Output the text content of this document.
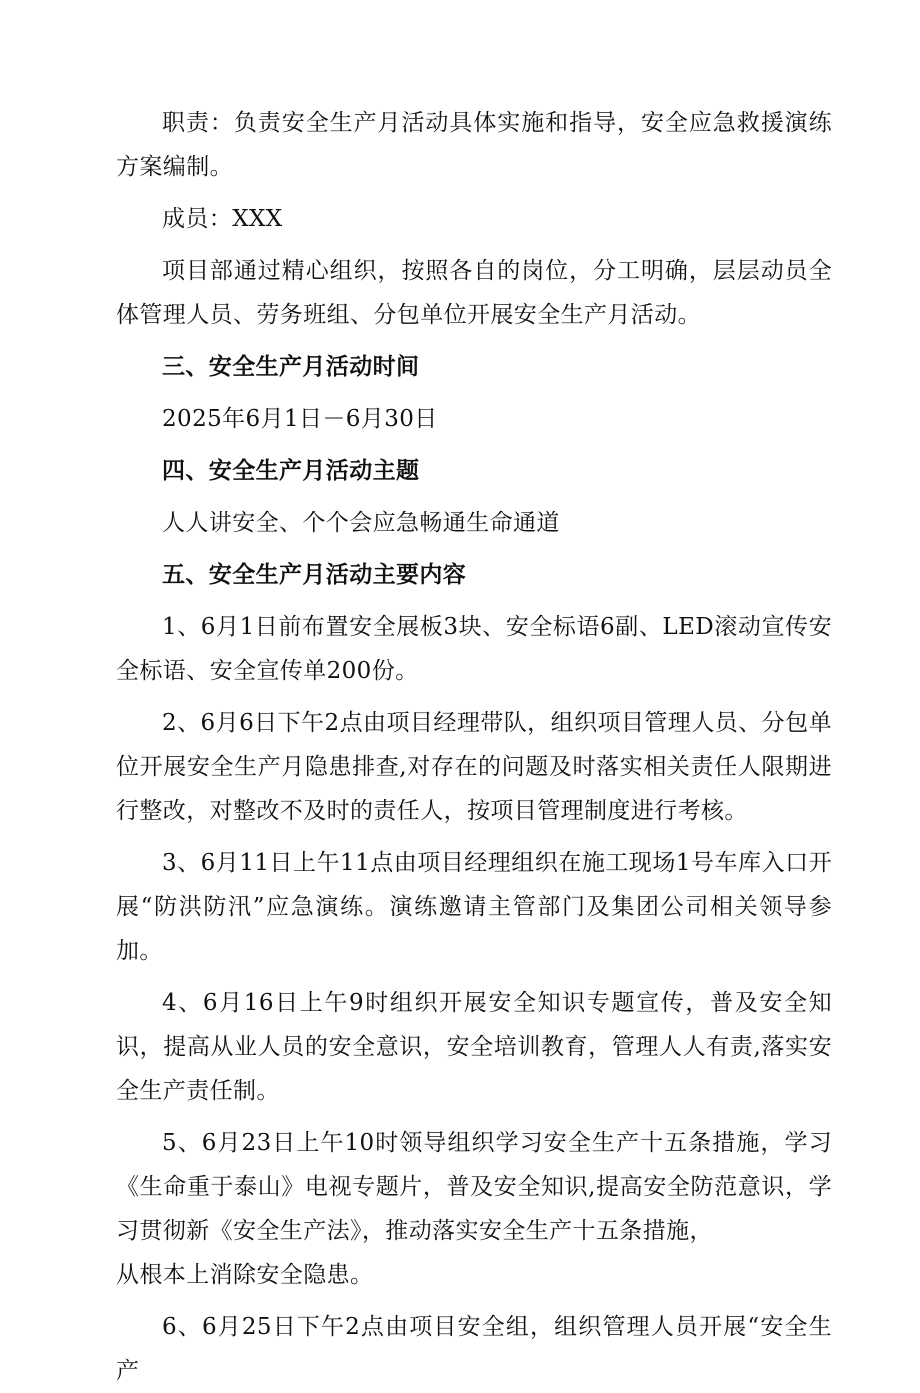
职责：负责安全生产月活动具体实施和指导，安全应急救援演练方案编制。

成员：XXX

项目部通过精心组织，按照各自的岗位，分工明确，层层动员全体管理人员、劳务班组、分包单位开展安全生产月活动。

三、安全生产月活动时间

2025年6月1日－6月30日

四、安全生产月活动主题

人人讲安全、个个会应急畅通生命通道

五、安全生产月活动主要内容

1、6月1日前布置安全展板3块、安全标语6副、LED滚动宣传安全标语、安全宣传单200份。

2、6月6日下午2点由项目经理带队，组织项目管理人员、分包单位开展安全生产月隐患排查,对存在的问题及时落实相关责任人限期进行整改，对整改不及时的责任人，按项目管理制度进行考核。

3、6月11日上午11点由项目经理组织在施工现场1号车库入口开展“防洪防汛”应急演练。演练邀请主管部门及集团公司相关领导参加。

4、6月16日上午9时组织开展安全知识专题宣传，普及安全知识，提高从业人员的安全意识，安全培训教育，管理人人有责,落实安全生产责任制。

5、6月23日上午10时领导组织学习安全生产十五条措施，学习《生命重于泰山》电视专题片，普及安全知识,提高安全防范意识，学习贯彻新《安全生产法》，推动落实安全生产十五条措施，

从根本上消除安全隐患。

6、6月25日下午2点由项目安全组，组织管理人员开展“安全生产
